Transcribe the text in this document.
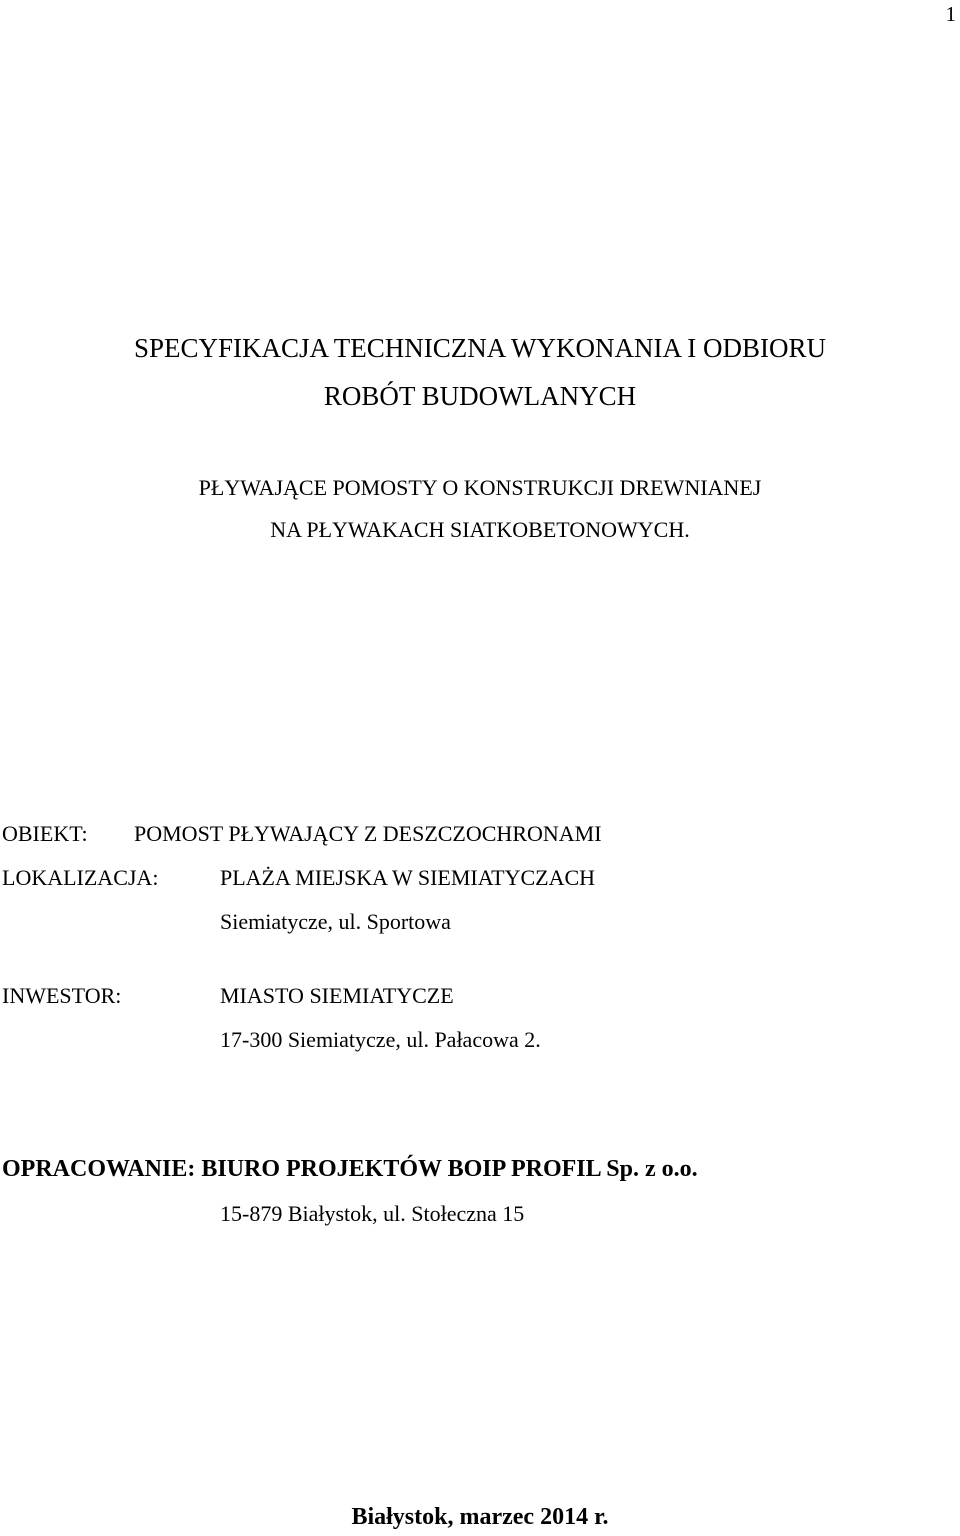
1
SPECYFIKACJA TECHNICZNA WYKONANIA I ODBIORU
ROBÓT BUDOWLANYCH
PŁYWAJĄCE POMOSTY O KONSTRUKCJI DREWNIANEJ
NA PŁYWAKACH SIATKOBETONOWYCH.
OBIEKT: POMOST PŁYWAJĄCY Z DESZCZOCHRONAMI
LOKALIZACJA:	PLAŻA MIEJSKA W SIEMIATYCZACH
Siemiatycze, ul. Sportowa
INWESTOR:	MIASTO SIEMIATYCZE
17-300 Siemiatycze, ul. Pałacowa 2.
OPRACOWANIE: BIURO PROJEKTÓW BOIP PROFIL Sp. z o.o.
15-879 Białystok, ul. Stołeczna 15
Białystok, marzec 2014 r.
